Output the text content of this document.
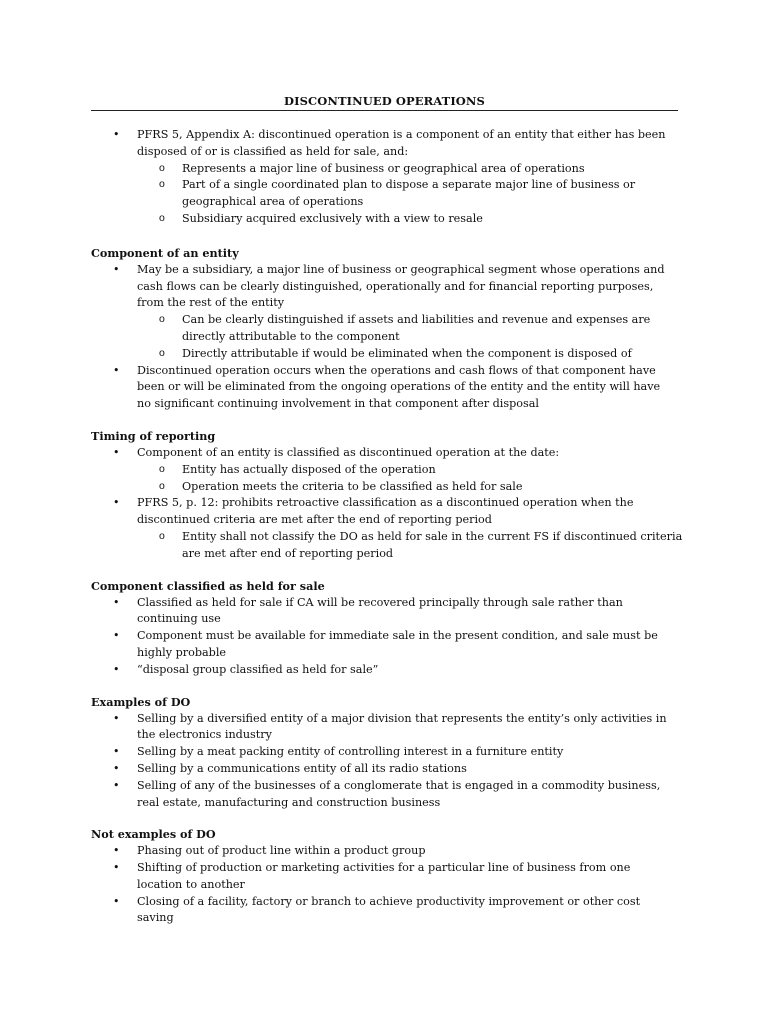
DISCONTINUED OPERATIONS
• PFRS 5, Appendix A: discontinued operation is a component of an entity that either has been disposed of or is classified as held for sale, and:
o Represents a major line of business or geographical area of operations
o Part of a single coordinated plan to dispose a separate major line of business or geographical area of operations
o Subsidiary acquired exclusively with a view to resale
Component of an entity
• May be a subsidiary, a major line of business or geographical segment whose operations and cash flows can be clearly distinguished, operationally and for financial reporting purposes, from the rest of the entity
o Can be clearly distinguished if assets and liabilities and revenue and expenses are directly attributable to the component
o Directly attributable if would be eliminated when the component is disposed of
• Discontinued operation occurs when the operations and cash flows of that component have been or will be eliminated from the ongoing operations of the entity and the entity will have no significant continuing involvement in that component after disposal
Timing of reporting
• Component of an entity is classified as discontinued operation at the date:
o Entity has actually disposed of the operation
o Operation meets the criteria to be classified as held for sale
• PFRS 5, p. 12: prohibits retroactive classification as a discontinued operation when the discontinued criteria are met after the end of reporting period
o Entity shall not classify the DO as held for sale in the current FS if discontinued criteria are met after end of reporting period
Component classified as held for sale
• Classified as held for sale if CA will be recovered principally through sale rather than continuing use
• Component must be available for immediate sale in the present condition, and sale must be highly probable
• “disposal group classified as held for sale”
Examples of DO
• Selling by a diversified entity of a major division that represents the entity’s only activities in the electronics industry
• Selling by a meat packing entity of controlling interest in a furniture entity
• Selling by a communications entity of all its radio stations
• Selling of any of the businesses of a conglomerate that is engaged in a commodity business, real estate, manufacturing and construction business
Not examples of DO
• Phasing out of product line within a product group
• Shifting of production or marketing activities for a particular line of business from one location to another
• Closing of a facility, factory or branch to achieve productivity improvement or other cost saving
